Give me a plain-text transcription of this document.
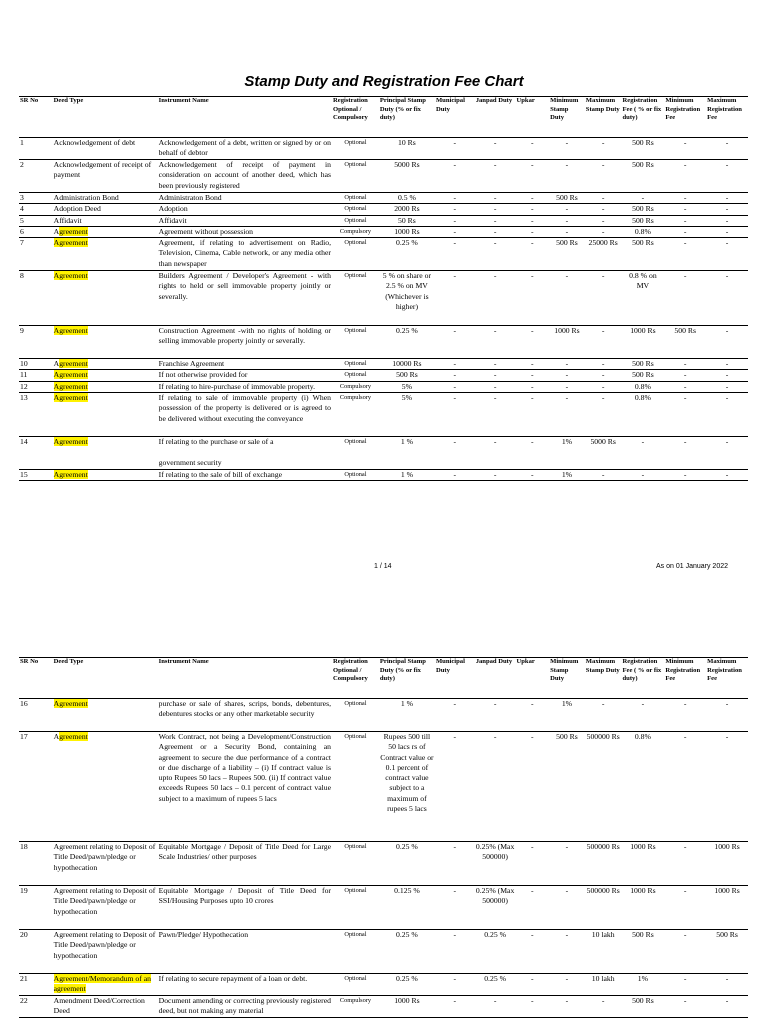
Stamp Duty and Registration Fee Chart
SR No	Deed Type	Instrument Name	Registration Optional / Compulsory	Principal Stamp Duty (% or fix duty)	Municipal Duty	Janpad Duty	Upkar	Minimum Stamp Duty	Maximum Stamp Duty	Registration Fee ( % or fix duty)	Minimum Registration Fee	Maximum Registration Fee
1	Acknowledgement of debt	Acknowledgement of a debt, written or signed by or on behalf of debtor	Optional	10 Rs	-	-	-	-	-	500 Rs	-	-
2	Acknowledgement of receipt of payment	Acknowledgement of receipt of payment in consideration on account of another deed, which has been previously registered	Optional	5000 Rs	-	-	-	-	-	500 Rs	-	-
3	Administration Bond	Administraton Bond	Optional	0.5 %	-	-	-	500 Rs	-	-	-	-
4	Adoption Deed	Adoption	Optional	2000 Rs	-	-	-	-	-	500 Rs	-	-
5	Affidavit	Affidavit	Optional	50 Rs	-	-	-	-	-	500 Rs	-	-
6	Agreement	Agreement without possession	Compulsory	1000 Rs	-	-	-	-	-	0.8%	-	-
7	Agreement	Agreement, if relating to advertisement on Radio, Television, Cinema, Cable network, or any media other than newspaper	Optional	0.25 %	-	-	-	500 Rs	25000 Rs	500 Rs	-	-
8	Agreement	Builders Agreement / Developer's Agreement - with rights to held or sell immovable property jointly or severally.	Optional	5 % on share or 2.5 % on MV (Whichever is higher)	-	-	-	-	-	0.8 % on MV	-	-
9	Agreement	Construction Agreement -with no rights of holding or selling immovable property jointly or severally.	Optional	0.25 %	-	-	-	1000 Rs	-	1000 Rs	500 Rs	-
10	Agreement	Franchise Agreement	Optional	10000 Rs	-	-	-	-	-	500 Rs	-	-
11	Agreement	If not otherwise provided for	Optional	500 Rs	-	-	-	-	-	500 Rs	-	-
12	Agreement	If relating to hire-purchase of immovable property.	Compulsory	5%	-	-	-	-	-	0.8%	-	-
13	Agreement	If relating to sale of immovable property (i) When possession of the property is delivered or is agreed to be delivered without executing the conveyance	Compulsory	5%	-	-	-	-	-	0.8%	-	-
14	Agreement	If relating to the purchase or sale of a

government security	Optional	1 %	-	-	-	1%	5000 Rs	-	-	-
15	Agreement	If relating to the sale of bill of exchange	Optional	1 %	-	-	-	1%	-	-	-	-
1 / 14	As on 01 January 2022
SR No	Deed Type	Instrument Name	Registration Optional / Compulsory	Principal Stamp Duty (% or fix duty)	Municipal Duty	Janpad Duty	Upkar	Minimum Stamp Duty	Maximum Stamp Duty	Registration Fee ( % or fix duty)	Minimum Registration Fee	Maximum Registration Fee
16	Agreement	purchase or sale of shares, scrips, bonds, debentures, debentures stocks or any other marketable security	Optional	1 %	-	-	-	1%	-	-	-	-
17	Agreement	Work Contract, not being a Development/Construction Agreement or a Security Bond, containing an agreement to secure the due performance of a contract or due discharge of a liability – (i) If contract value is upto Rupees 50 lacs – Rupees 500. (ii) If contract value exceeds Rupees 50 lacs – 0.1 percent of contract value subject to a maximum of rupees 5 lacs	Optional	Rupees 500 till 50 lacs rs of Contract value or 0.1 percent of contract value subject to a maximum of rupees 5 lacs	-	-	-	500 Rs	500000 Rs	0.8%	-	-
18	Agreement relating to Deposit of Title Deed/pawn/pledge or hypothecation	Equitable Mortgage / Deposit of Title Deed for Large Scale Industries/ other purposes	Optional	0.25 %	-	0.25% (Max 500000)	-	-	500000 Rs	1000 Rs	-	1000 Rs
19	Agreement relating to Deposit of Title Deed/pawn/pledge or hypothecation	Equitable Mortgage / Deposit of Title Deed for SSI/Housing Purposes upto 10 crores	Optional	0.125 %	-	0.25% (Max 500000)	-	-	500000 Rs	1000 Rs	-	1000 Rs
20	Agreement relating to Deposit of Title Deed/pawn/pledge or hypothecation	Pawn/Pledge/ Hypothecation	Optional	0.25 %	-	0.25 %	-	-	10 lakh	500 Rs	-	500 Rs
21	Agreement/Memorandum of an agreement	If relating to secure repayment of a loan or debt.	Optional	0.25 %	-	0.25 %	-	-	10 lakh	1%	-	-
22	Amendment Deed/Correction Deed	Document amending or correcting previously registered deed, but not making any material	Compulsory	1000 Rs	-	-	-	-	-	500 Rs	-	-
